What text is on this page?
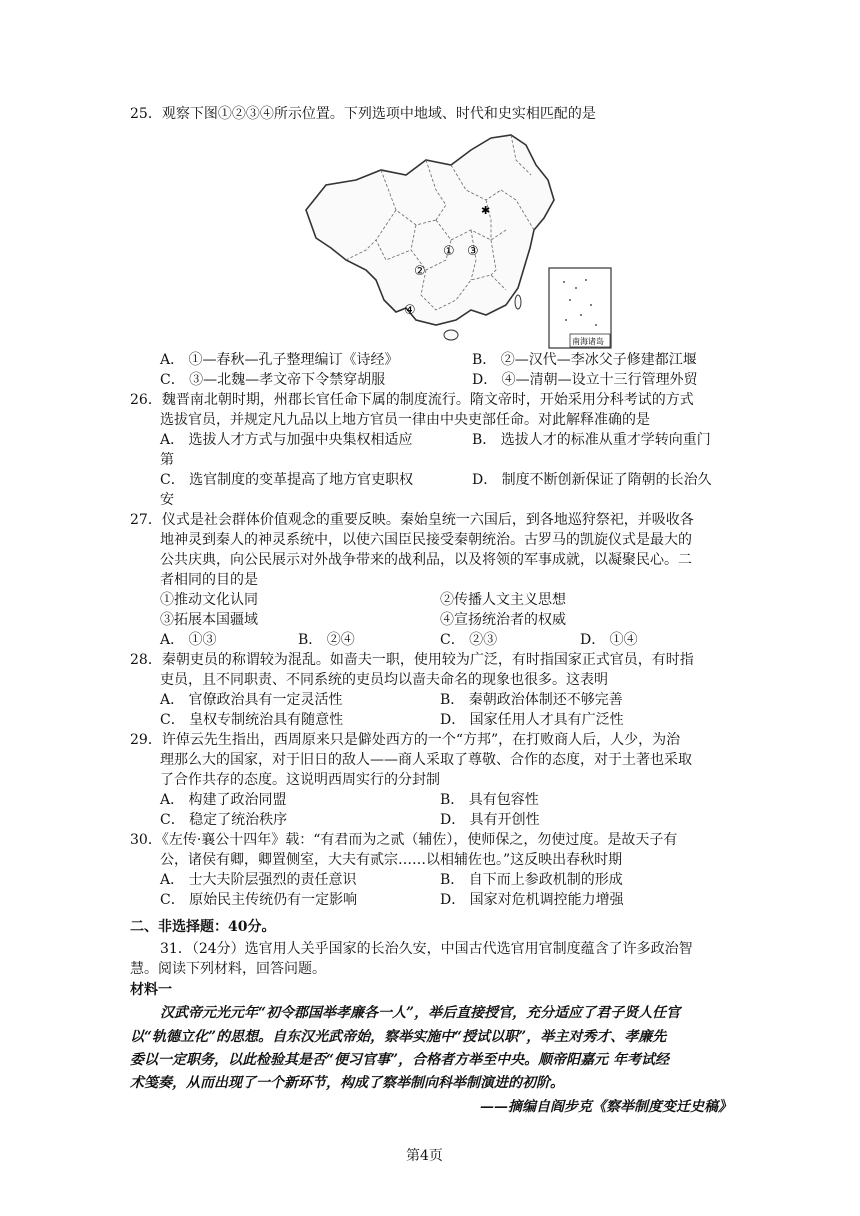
25．观察下图①②③④所示位置。下列选项中地域、时代和史实相匹配的是
✱
① ③
②
④
南海诸岛
A． ①—春秋—孔子整理编订《诗经》	B． ②—汉代—李冰父子修建都江堰
C． ③—北魏—孝文帝下令禁穿胡服	D． ④—清朝—设立十三行管理外贸
26．魏晋南北朝时期，州郡长官任命下属的制度流行。隋文帝时，开始采用分科考试的方式
选拔官员，并规定凡九品以上地方官员一律由中央吏部任命。对此解释准确的是
A． 选拔人才方式与加强中央集权相适应	B． 选拔人才的标准从重才学转向重门
第
C． 选官制度的变革提高了地方官吏职权	D． 制度不断创新保证了隋朝的长治久
安
27．仪式是社会群体价值观念的重要反映。秦始皇统一六国后，到各地巡狩祭祀，并吸收各
地神灵到秦人的神灵系统中，以使六国臣民接受秦朝统治。古罗马的凯旋仪式是最大的
公共庆典，向公民展示对外战争带来的战利品，以及将领的军事成就，以凝聚民心。二
者相同的目的是
①推动文化认同	②传播人文主义思想
③拓展本国疆域	④宣扬统治者的权威
A． ①③	B． ②④	C． ②③	D． ①④
28．秦朝吏员的称谓较为混乱。如啬夫一职，使用较为广泛，有时指国家正式官员，有时指
吏员，且不同职责、不同系统的吏员均以啬夫命名的现象也很多。这表明
A． 官僚政治具有一定灵活性	B． 秦朝政治体制还不够完善
C． 皇权专制统治具有随意性	D． 国家任用人才具有广泛性
29．许倬云先生指出，西周原来只是僻处西方的一个“方邦”，在打败商人后，人少，为治
理那么大的国家，对于旧日的敌人——商人采取了尊敬、合作的态度，对于土著也采取
了合作共存的态度。这说明西周实行的分封制
A． 构建了政治同盟	B． 具有包容性
C． 稳定了统治秩序	D． 具有开创性
30．《左传·襄公十四年》载：“有君而为之贰（辅佐），使师保之，勿使过度。是故天子有
公，诸侯有卿，卿置侧室，大夫有贰宗……以相辅佐也。”这反映出春秋时期
A． 士大夫阶层强烈的责任意识	B． 自下而上参政机制的形成
C． 原始民主传统仍有一定影响	D． 国家对危机调控能力增强
二、非选择题：40分。
31．（24分）选官用人关乎国家的长治久安，中国古代选官用官制度蕴含了许多政治智
慧。阅读下列材料，回答问题。
材料一
汉武帝元光元年“初令郡国举孝廉各一人”，举后直接授官，充分适应了君子贤人任官
以“轨德立化”的思想。自东汉光武帝始，察举实施中“授试以职”，举主对秀才、孝廉先
委以一定职务，以此检验其是否“便习官事”，合格者方举至中央。顺帝阳嘉元 年考试经
术笺奏，从而出现了一个新环节，构成了察举制向科举制演进的初阶。
——摘编自阎步克《察举制度变迁史稿》
第4页
